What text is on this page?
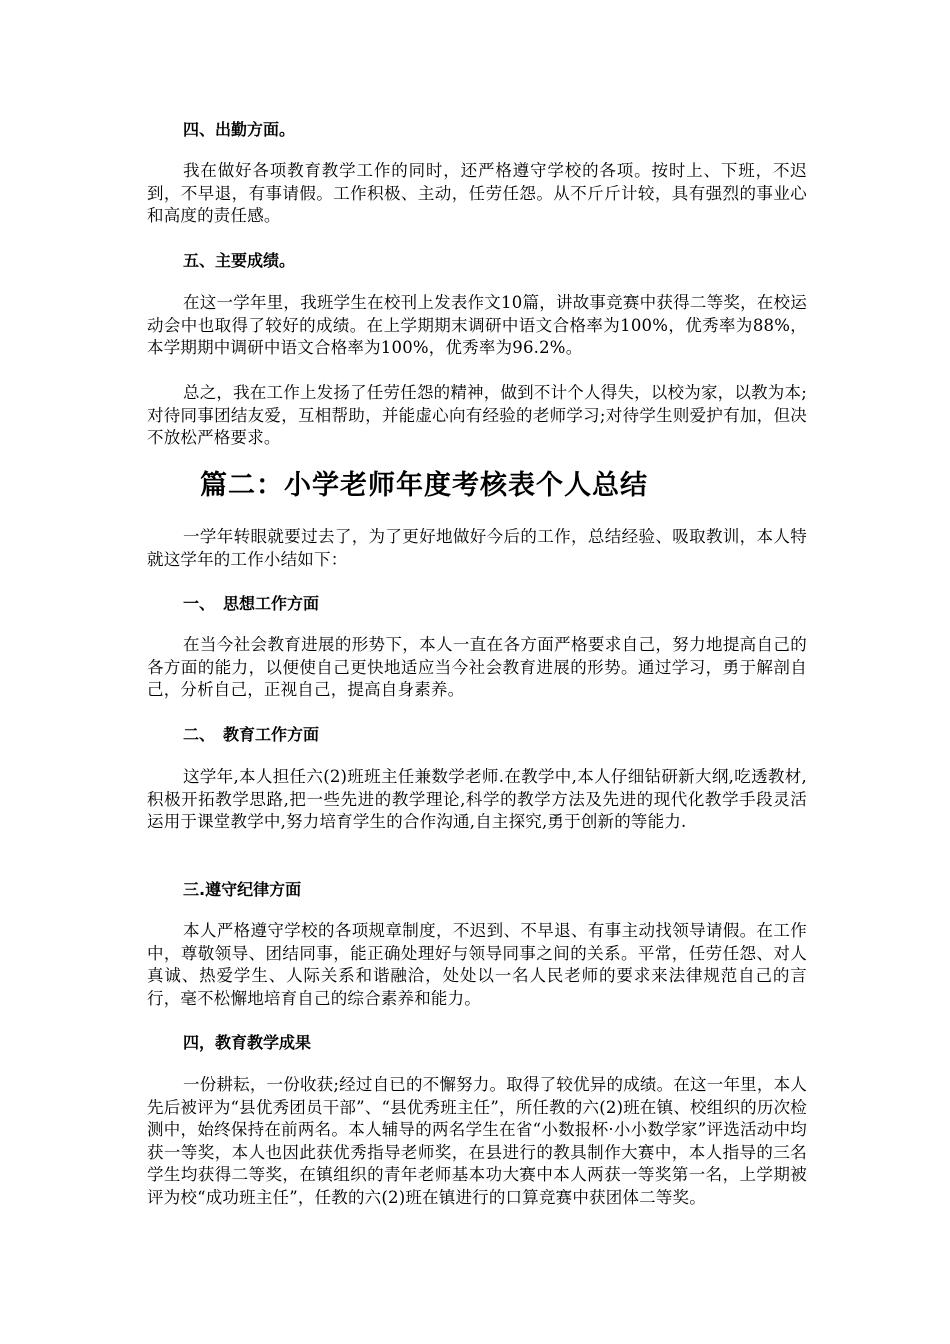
四、出勤方面。
我在做好各项教育教学工作的同时，还严格遵守学校的各项。按时上、下班，不迟到，不早退，有事请假。工作积极、主动，任劳任怨。从不斤斤计较，具有强烈的事业心和高度的责任感。
五、主要成绩。
在这一学年里，我班学生在校刊上发表作文10篇，讲故事竞赛中获得二等奖，在校运动会中也取得了较好的成绩。在上学期期末调研中语文合格率为100%，优秀率为88%，本学期期中调研中语文合格率为100%，优秀率为96.2%。
总之，我在工作上发扬了任劳任怨的精神，做到不计个人得失，以校为家，以教为本;对待同事团结友爱，互相帮助，并能虚心向有经验的老师学习;对待学生则爱护有加，但决不放松严格要求。
篇二：小学老师年度考核表个人总结
一学年转眼就要过去了，为了更好地做好今后的工作，总结经验、吸取教训，本人特就这学年的工作小结如下：
一、　思想工作方面
在当今社会教育进展的形势下，本人一直在各方面严格要求自己，努力地提高自己的各方面的能力，以便使自己更快地适应当今社会教育进展的形势。通过学习，勇于解剖自己，分析自己，正视自己，提高自身素养。
二、　教育工作方面
这学年,本人担任六(2)班班主任兼数学老师.在教学中,本人仔细钻研新大纲,吃透教材,积极开拓教学思路,把一些先进的教学理论,科学的教学方法及先进的现代化教学手段灵活运用于课堂教学中,努力培育学生的合作沟通,自主探究,勇于创新的等能力.
三.遵守纪律方面
本人严格遵守学校的各项规章制度，不迟到、不早退、有事主动找领导请假。在工作中，尊敬领导、团结同事，能正确处理好与领导同事之间的关系。平常，任劳任怨、对人真诚、热爱学生、人际关系和谐融洽，处处以一名人民老师的要求来法律规范自己的言行，毫不松懈地培育自己的综合素养和能力。
四，教育教学成果
一份耕耘，一份收获;经过自已的不懈努力。取得了较优异的成绩。在这一年里，本人先后被评为“县优秀团员干部”、“县优秀班主任”，所任教的六(2)班在镇、校组织的历次检测中，始终保持在前两名。本人辅导的两名学生在省“小数报杯·小小数学家”评选活动中均获一等奖，本人也因此获优秀指导老师奖，在县进行的教具制作大赛中，本人指导的三名学生均获得二等奖，在镇组织的青年老师基本功大赛中本人两获一等奖第一名，上学期被评为校“成功班主任”，任教的六(2)班在镇进行的口算竞赛中获团体二等奖。
